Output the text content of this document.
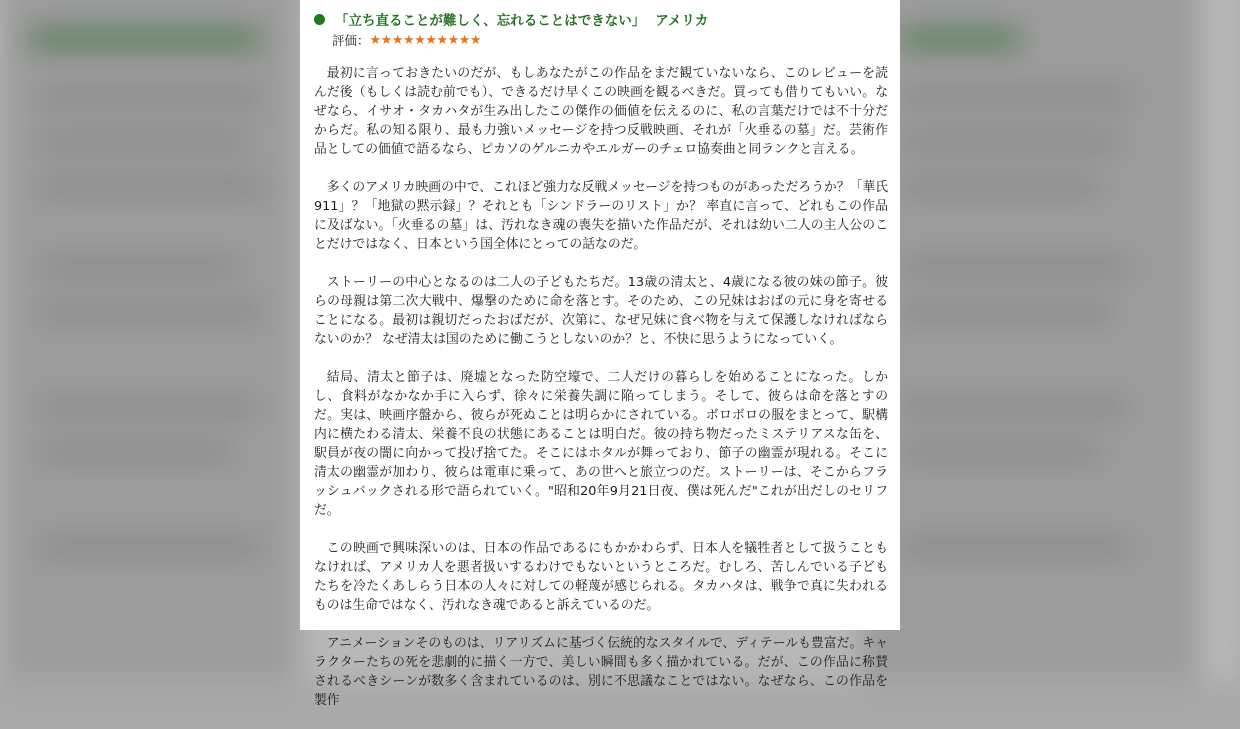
「立ち直ることが難しく、忘れることはできない」 アメリカ
評価： ★★★★★★★★★★

最初に言っておきたいのだが、もしあなたがこの作品をまだ観ていないなら、このレビューを読んだ後（もしくは読む前でも）、できるだけ早くこの映画を観るべきだ。買っても借りてもいい。なぜなら、イサオ・タカハタが生み出したこの傑作の価値を伝えるのに、私の言葉だけでは不十分だからだ。私の知る限り、最も力強いメッセージを持つ反戦映画、それが「火垂るの墓」だ。芸術作品としての価値で語るなら、ピカソのゲルニカやエルガーのチェロ協奏曲と同ランクと言える。

多くのアメリカ映画の中で、これほど強力な反戦メッセージを持つものがあっただろうか？「華氏911」？「地獄の黙示録」？それとも「シンドラーのリスト」か？ 率直に言って、どれもこの作品に及ばない。「火垂るの墓」は、汚れなき魂の喪失を描いた作品だが、それは幼い二人の主人公のことだけではなく、日本という国全体にとっての話なのだ。

ストーリーの中心となるのは二人の子どもたちだ。13歳の清太と、4歳になる彼の妹の節子。彼らの母親は第二次大戦中、爆撃のために命を落とす。そのため、この兄妹はおばの元に身を寄せることになる。最初は親切だったおばだが、次第に、なぜ兄妹に食べ物を与えて保護しなければならないのか？ なぜ清太は国のために働こうとしないのか？と、不快に思うようになっていく。

結局、清太と節子は、廃墟となった防空壕で、二人だけの暮らしを始めることになった。しかし、食料がなかなか手に入らず、徐々に栄養失調に陥ってしまう。そして、彼らは命を落とすのだ。実は、映画序盤から、彼らが死ぬことは明らかにされている。ボロボロの服をまとって、駅構内に横たわる清太、栄養不良の状態にあることは明白だ。彼の持ち物だったミステリアスな缶を、駅員が夜の闇に向かって投げ捨てた。そこにはホタルが舞っており、節子の幽霊が現れる。そこに清太の幽霊が加わり、彼らは電車に乗って、あの世へと旅立つのだ。ストーリーは、そこからフラッシュバックされる形で語られていく。"昭和20年9月21日夜、僕は死んだ"これが出だしのセリフだ。

この映画で興味深いのは、日本の作品であるにもかかわらず、日本人を犠牲者として扱うこともなければ、アメリカ人を悪者扱いするわけでもないというところだ。むしろ、苦しんでいる子どもたちを冷たくあしらう日本の人々に対しての軽蔑が感じられる。タカハタは、戦争で真に失われるものは生命ではなく、汚れなき魂であると訴えているのだ。

アニメーションそのものは、リアリズムに基づく伝統的なスタイルで、ディテールも豊富だ。キャラクターたちの死を悲劇的に描く一方で、美しい瞬間も多く描かれている。だが、この作品に称賛されるべきシーンが数多く含まれているのは、別に不思議なことではない。なぜなら、この作品を製作
